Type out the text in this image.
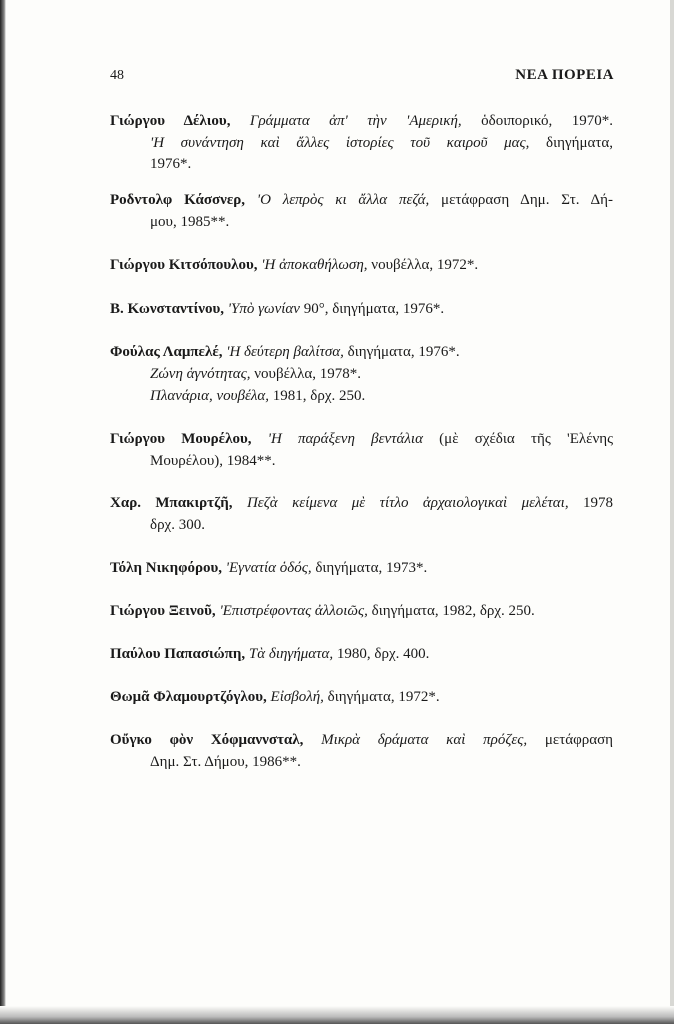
48	ΝΕΑ ΠΟΡΕΙΑ
Γιώργου Δέλιου, Γράμματα ἀπ' τὴν 'Αμερική, ὁδοιπορικό, 1970*.
'Η συνάντηση καὶ ἄλλες ἱστορίες τοῦ καιροῦ μας, διηγήματα,
1976*.
Ροδντολφ Κάσσνερ, 'Ο λεπρὸς κι ἄλλα πεζά, μετάφραση Δημ. Στ. Δή-
μου, 1985**.
Γιώργου Κιτσόπουλου, 'Η ἀποκαθήλωση, νουβέλλα, 1972*.
Β. Κωνσταντίνου, 'Υπὸ γωνίαν 90°, διηγήματα, 1976*.
Φούλας Λαμπελέ, 'Η δεύτερη βαλίτσα, διηγήματα, 1976*.
Ζώνη ἁγνότητας, νουβέλλα, 1978*.
Πλανάρια, νουβέλα, 1981, δρχ. 250.
Γιώργου Μουρέλου, 'Η παράξενη βεντάλια (μὲ σχέδια τῆς 'Ελένης
Μουρέλου), 1984**.
Χαρ. Μπακιρτζῆ, Πεζὰ κείμενα μὲ τίτλο ἀρχαιολογικαὶ μελέται, 1978
δρχ. 300.
Τόλη Νικηφόρου, 'Εγνατία ὁδός, διηγήματα, 1973*.
Γιώργου Ξεινοῦ, 'Επιστρέφοντας ἀλλοιῶς, διηγήματα, 1982, δρχ. 250.
Παύλου Παπασιώπη, Τὰ διηγήματα, 1980, δρχ. 400.
Θωμᾶ Φλαμουρτζόγλου, Εἰσβολή, διηγήματα, 1972*.
Οὔγκο φὸν Χόφμαννσταλ, Μικρὰ δράματα καὶ πρόζες, μετάφραση
Δημ. Στ. Δήμου, 1986**.
